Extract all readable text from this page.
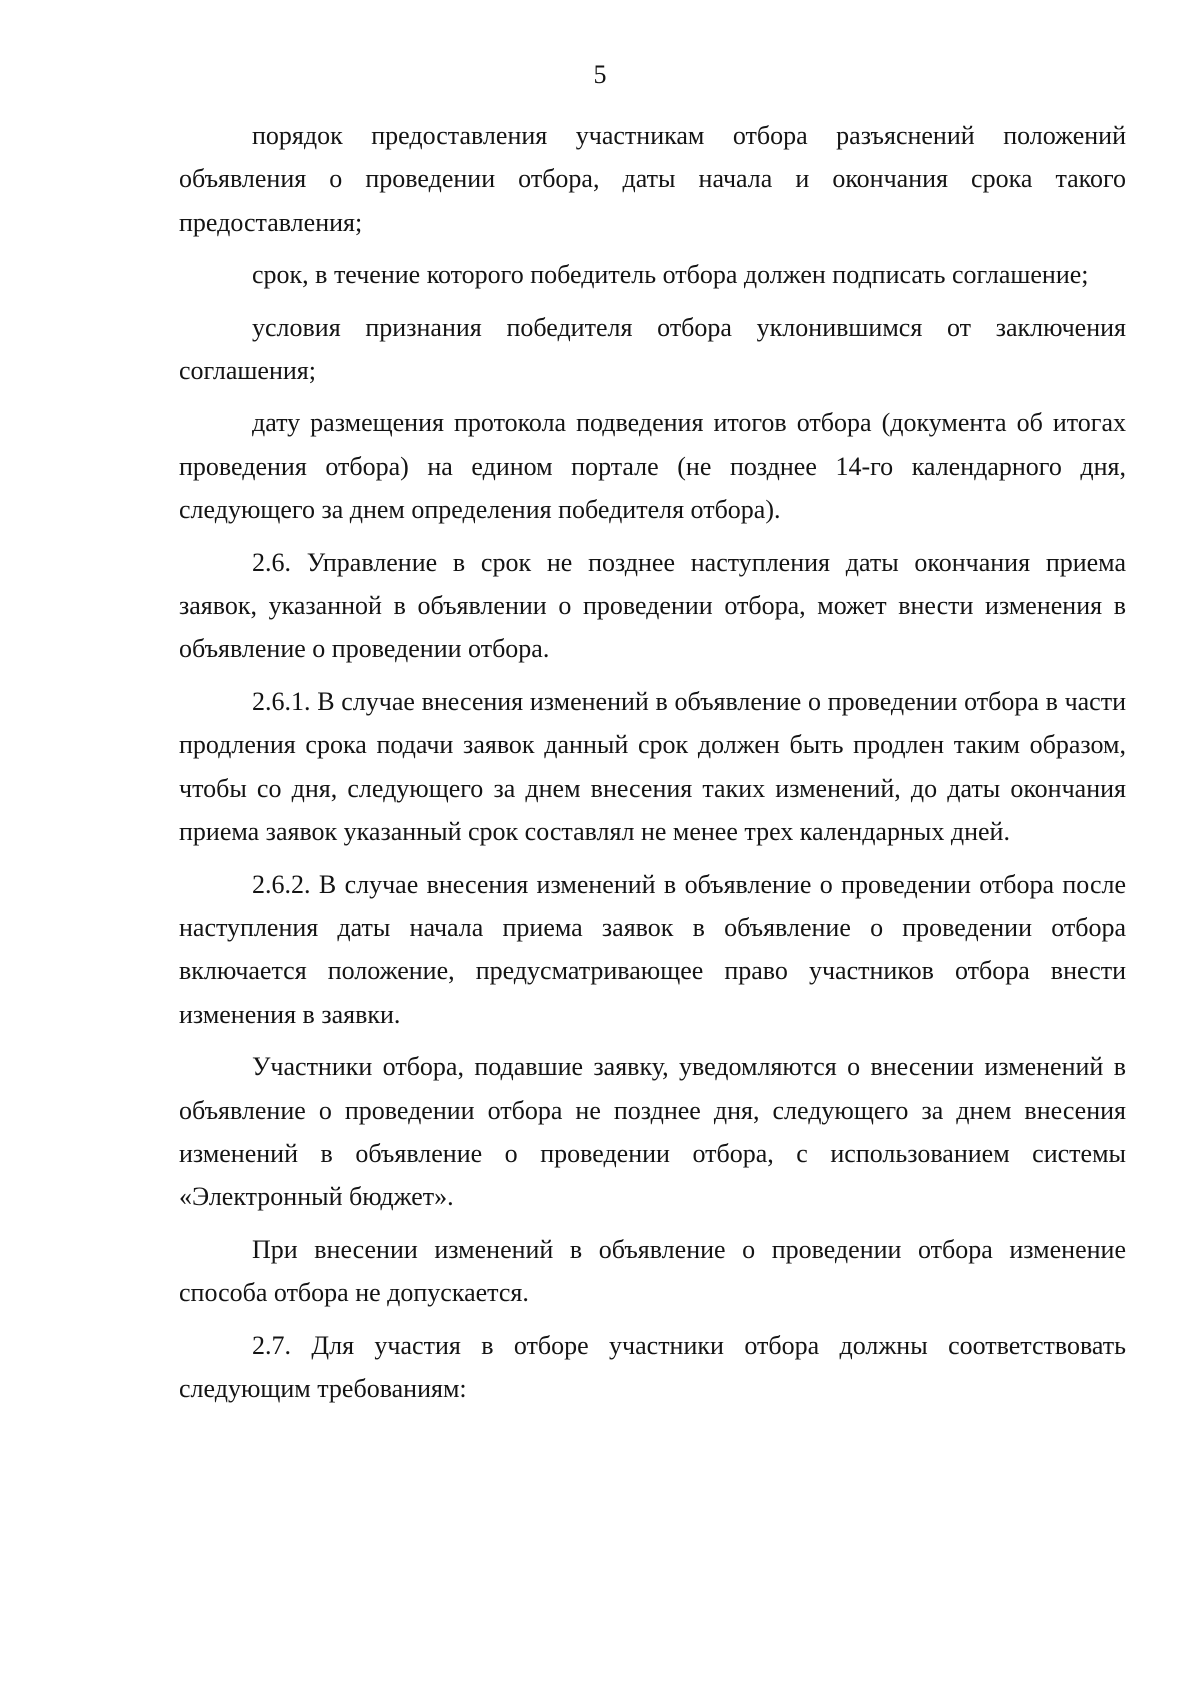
5

порядок предоставления участникам отбора разъяснений положений объявления о проведении отбора, даты начала и окончания срока такого предоставления;

срок, в течение которого победитель отбора должен подписать соглашение;

условия признания победителя отбора уклонившимся от заключения соглашения;

дату размещения протокола подведения итогов отбора (документа об итогах проведения отбора) на едином портале (не позднее 14-го календарного дня, следующего за днем определения победителя отбора).

2.6. Управление в срок не позднее наступления даты окончания приема заявок, указанной в объявлении о проведении отбора, может внести изменения в объявление о проведении отбора.

2.6.1. В случае внесения изменений в объявление о проведении отбора в части продления срока подачи заявок данный срок должен быть продлен таким образом, чтобы со дня, следующего за днем внесения таких изменений, до даты окончания приема заявок указанный срок составлял не менее трех календарных дней.

2.6.2. В случае внесения изменений в объявление о проведении отбора после наступления даты начала приема заявок в объявление о проведении отбора включается положение, предусматривающее право участников отбора внести изменения в заявки.

Участники отбора, подавшие заявку, уведомляются о внесении изменений в объявление о проведении отбора не позднее дня, следующего за днем внесения изменений в объявление о проведении отбора, с использованием системы «Электронный бюджет».

При внесении изменений в объявление о проведении отбора изменение способа отбора не допускается.

2.7. Для участия в отборе участники отбора должны соответствовать следующим требованиям:
